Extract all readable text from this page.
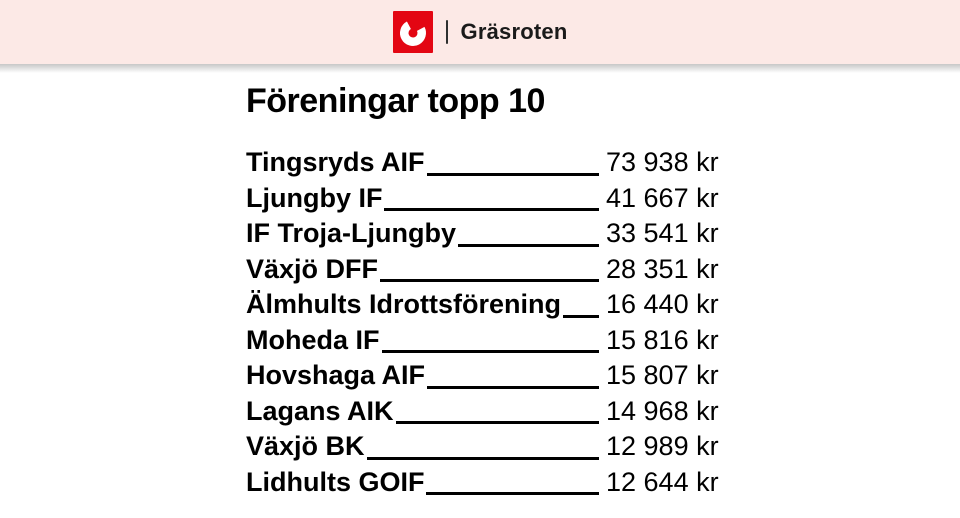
Gräsroten
Föreningar topp 10
Tingsryds AIF	73 938 kr
Ljungby IF	41 667 kr
IF Troja-Ljungby	33 541 kr
Växjö DFF	28 351 kr
Älmhults Idrottsförening 16 440 kr
Moheda IF	15 816 kr
Hovshaga AIF	15 807 kr
Lagans AIK	14 968 kr
Växjö BK	12 989 kr
Lidhults GOIF	12 644 kr
